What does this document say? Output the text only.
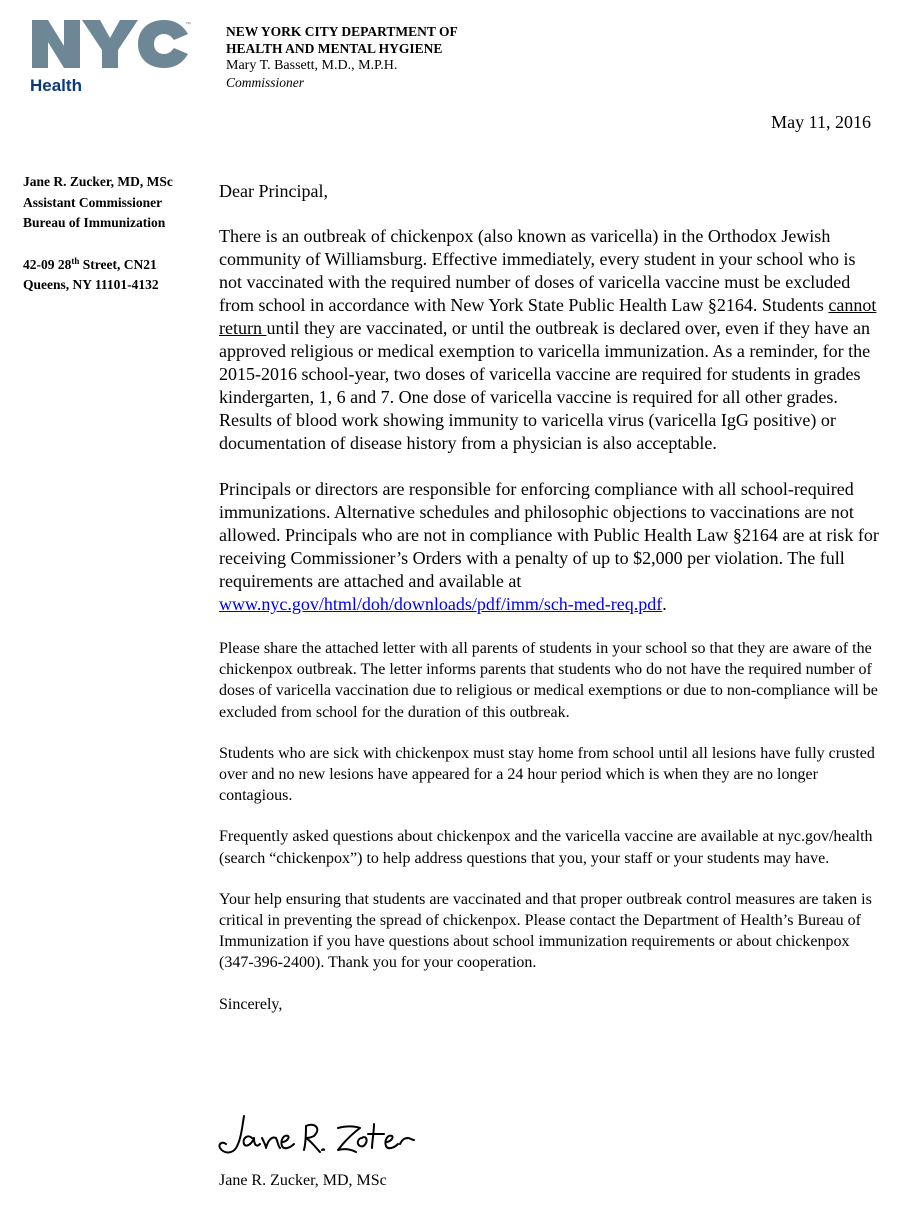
™
Health
NEW YORK CITY DEPARTMENT OF
HEALTH AND MENTAL HYGIENE
Mary T. Bassett, M.D., M.P.H.
Commissioner
May 11, 2016
Jane R. Zucker, MD, MSc
Assistant Commissioner
Bureau of Immunization
42-09 28th Street, CN21
Queens, NY 11101-4132

Dear Principal,

There is an outbreak of chickenpox (also known as varicella) in the Orthodox Jewish community of Williamsburg. Effective immediately, every student in your school who is not vaccinated with the required number of doses of varicella vaccine must be excluded from school in accordance with New York State Public Health Law §2164. Students cannot return until they are vaccinated, or until the outbreak is declared over, even if they have an approved religious or medical exemption to varicella immunization. As a reminder, for the 2015-2016 school-year, two doses of varicella vaccine are required for students in grades kindergarten, 1, 6 and 7. One dose of varicella vaccine is required for all other grades. Results of blood work showing immunity to varicella virus (varicella IgG positive) or documentation of disease history from a physician is also acceptable.

Principals or directors are responsible for enforcing compliance with all school-required immunizations. Alternative schedules and philosophic objections to vaccinations are not allowed. Principals who are not in compliance with Public Health Law §2164 are at risk for receiving Commissioner’s Orders with a penalty of up to $2,000 per violation. The full requirements are attached and available at www.nyc.gov/html/doh/downloads/pdf/imm/sch-med-req.pdf.

Please share the attached letter with all parents of students in your school so that they are aware of the chickenpox outbreak. The letter informs parents that students who do not have the required number of doses of varicella vaccination due to religious or medical exemptions or due to non-compliance will be excluded from school for the duration of this outbreak.

Students who are sick with chickenpox must stay home from school until all lesions have fully crusted over and no new lesions have appeared for a 24 hour period which is when they are no longer contagious.

Frequently asked questions about chickenpox and the varicella vaccine are available at nyc.gov/health (search “chickenpox”) to help address questions that you, your staff or your students may have.

Your help ensuring that students are vaccinated and that proper outbreak control measures are taken is critical in preventing the spread of chickenpox. Please contact the Department of Health’s Bureau of Immunization if you have questions about school immunization requirements or about chickenpox (347-396-2400). Thank you for your cooperation.

Sincerely,

Jane R. Zucker, MD, MSc
